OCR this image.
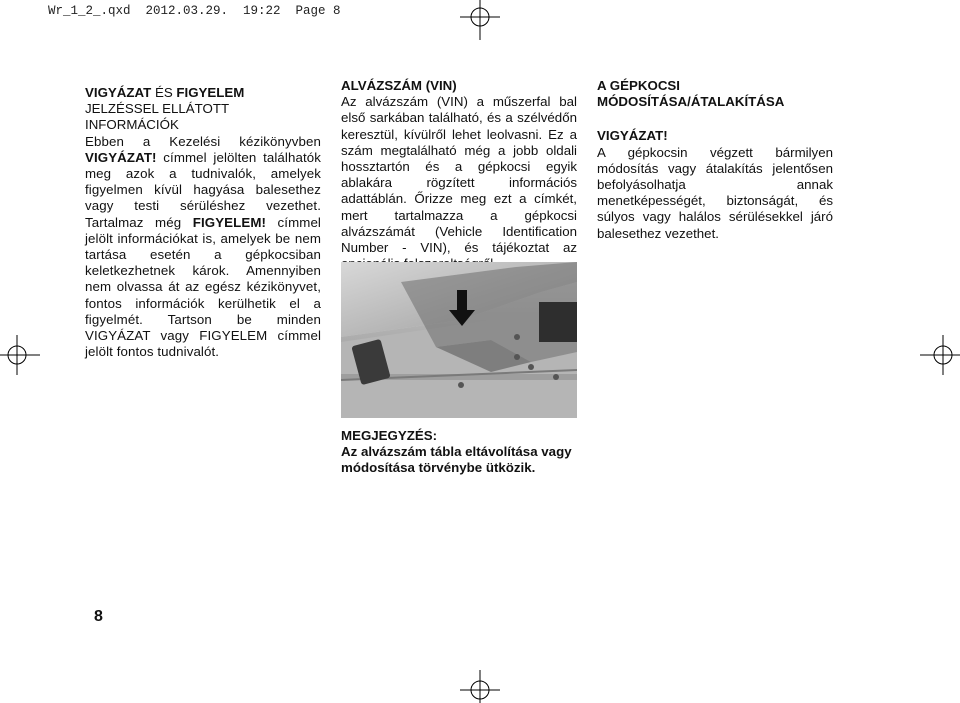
Wr_1_2_.qxd  2012.03.29.  19:22  Page 8

VIGYÁZAT ÉS FIGYELEM

JELZÉSSEL ELLÁTOTT

INFORMÁCIÓK

Ebben a Kezelési kézikönyvben VIGYÁZAT! címmel jelölten találhatók meg azok a tudnivalók, amelyek figyelmen kívül hagyása balesethez vagy testi sérüléshez vezethet. Tartalmaz még FIGYELEM! címmel jelölt információkat is, amelyek be nem tartása esetén a gépkocsiban keletkezhetnek károk. Amennyiben nem olvassa át az egész kézikönyvet, fontos információk kerülhetik el a figyelmét. Tartson be minden VIGYÁZAT vagy FIGYELEM címmel jelölt fontos tudnivalót.

ALVÁZSZÁM (VIN)

Az alvázszám (VIN) a műszerfal bal első sarkában található, és a szélvédőn keresztül, kívülről lehet leolvasni. Ez a szám megtalálható még a jobb oldali hossztartón és a gépkocsi egyik ablakára rögzített információs adattáblán. Őrizze meg ezt a címkét, mert tartalmazza a gépkocsi alvázszámát (Vehicle Identification Number - VIN), és tájékoztat az

A GÉPKOCSI

MÓDOSÍTÁSA/ÁTALAKÍTÁSA

VIGYÁZAT!

A gépkocsin végzett bármilyen módosítás vagy átalakítás jelentősen befolyásolhatja annak menetképességét, biztonságát, és súlyos vagy halálos sérülésekkel járó balesethez vezethet.

MEGJEGYZÉS:

Az alvázszám tábla eltávolítása vagy módosítása törvénybe ütközik.

8
